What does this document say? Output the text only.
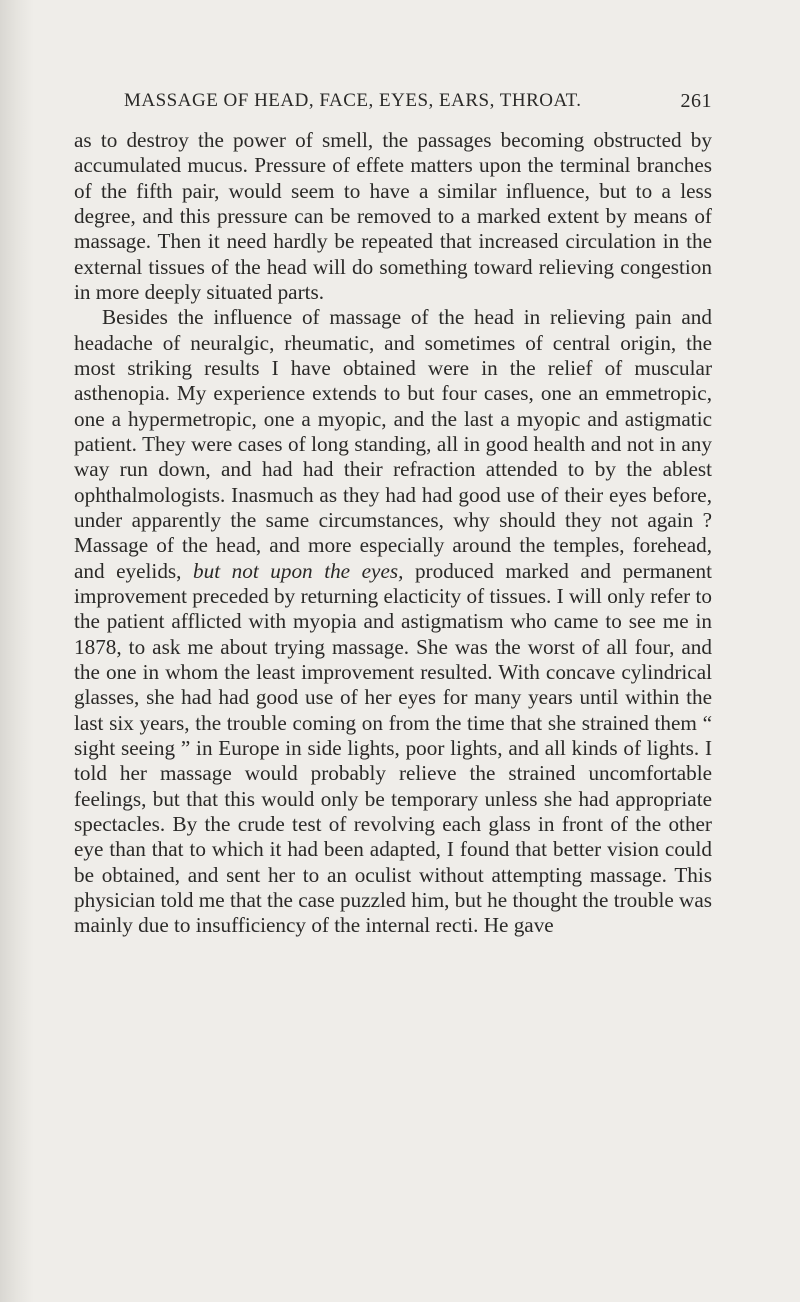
MASSAGE OF HEAD, FACE, EYES, EARS, THROAT.	261

as to destroy the power of smell, the passages becoming obstructed by accumulated mucus. Pressure of effete matters upon the terminal branches of the fifth pair, would seem to have a similar influence, but to a less degree, and this pressure can be removed to a marked extent by means of massage. Then it need hardly be repeated that increased circulation in the external tissues of the head will do something toward relieving congestion in more deeply situated parts.

Besides the influence of massage of the head in relieving pain and headache of neuralgic, rheumatic, and sometimes of central origin, the most striking results I have obtained were in the relief of muscular asthenopia. My experience extends to but four cases, one an emmetropic, one a hypermetropic, one a myopic, and the last a myopic and astigmatic patient. They were cases of long standing, all in good health and not in any way run down, and had had their refraction attended to by the ablest ophthalmologists. Inasmuch as they had had good use of their eyes before, under apparently the same circumstances, why should they not again ? Massage of the head, and more especially around the temples, forehead, and eyelids, but not upon the eyes, produced marked and permanent improvement preceded by returning elacticity of tissues. I will only refer to the patient afflicted with myopia and astigmatism who came to see me in 1878, to ask me about trying massage. She was the worst of all four, and the one in whom the least improvement resulted. With concave cylindrical glasses, she had had good use of her eyes for many years until within the last six years, the trouble coming on from the time that she strained them “ sight seeing ” in Europe in side lights, poor lights, and all kinds of lights. I told her massage would probably relieve the strained uncomfortable feelings, but that this would only be temporary unless she had appropriate spectacles. By the crude test of revolving each glass in front of the other eye than that to which it had been adapted, I found that better vision could be obtained, and sent her to an oculist without attempting massage. This physician told me that the case puzzled him, but he thought the trouble was mainly due to insufficiency of the internal recti. He gave
